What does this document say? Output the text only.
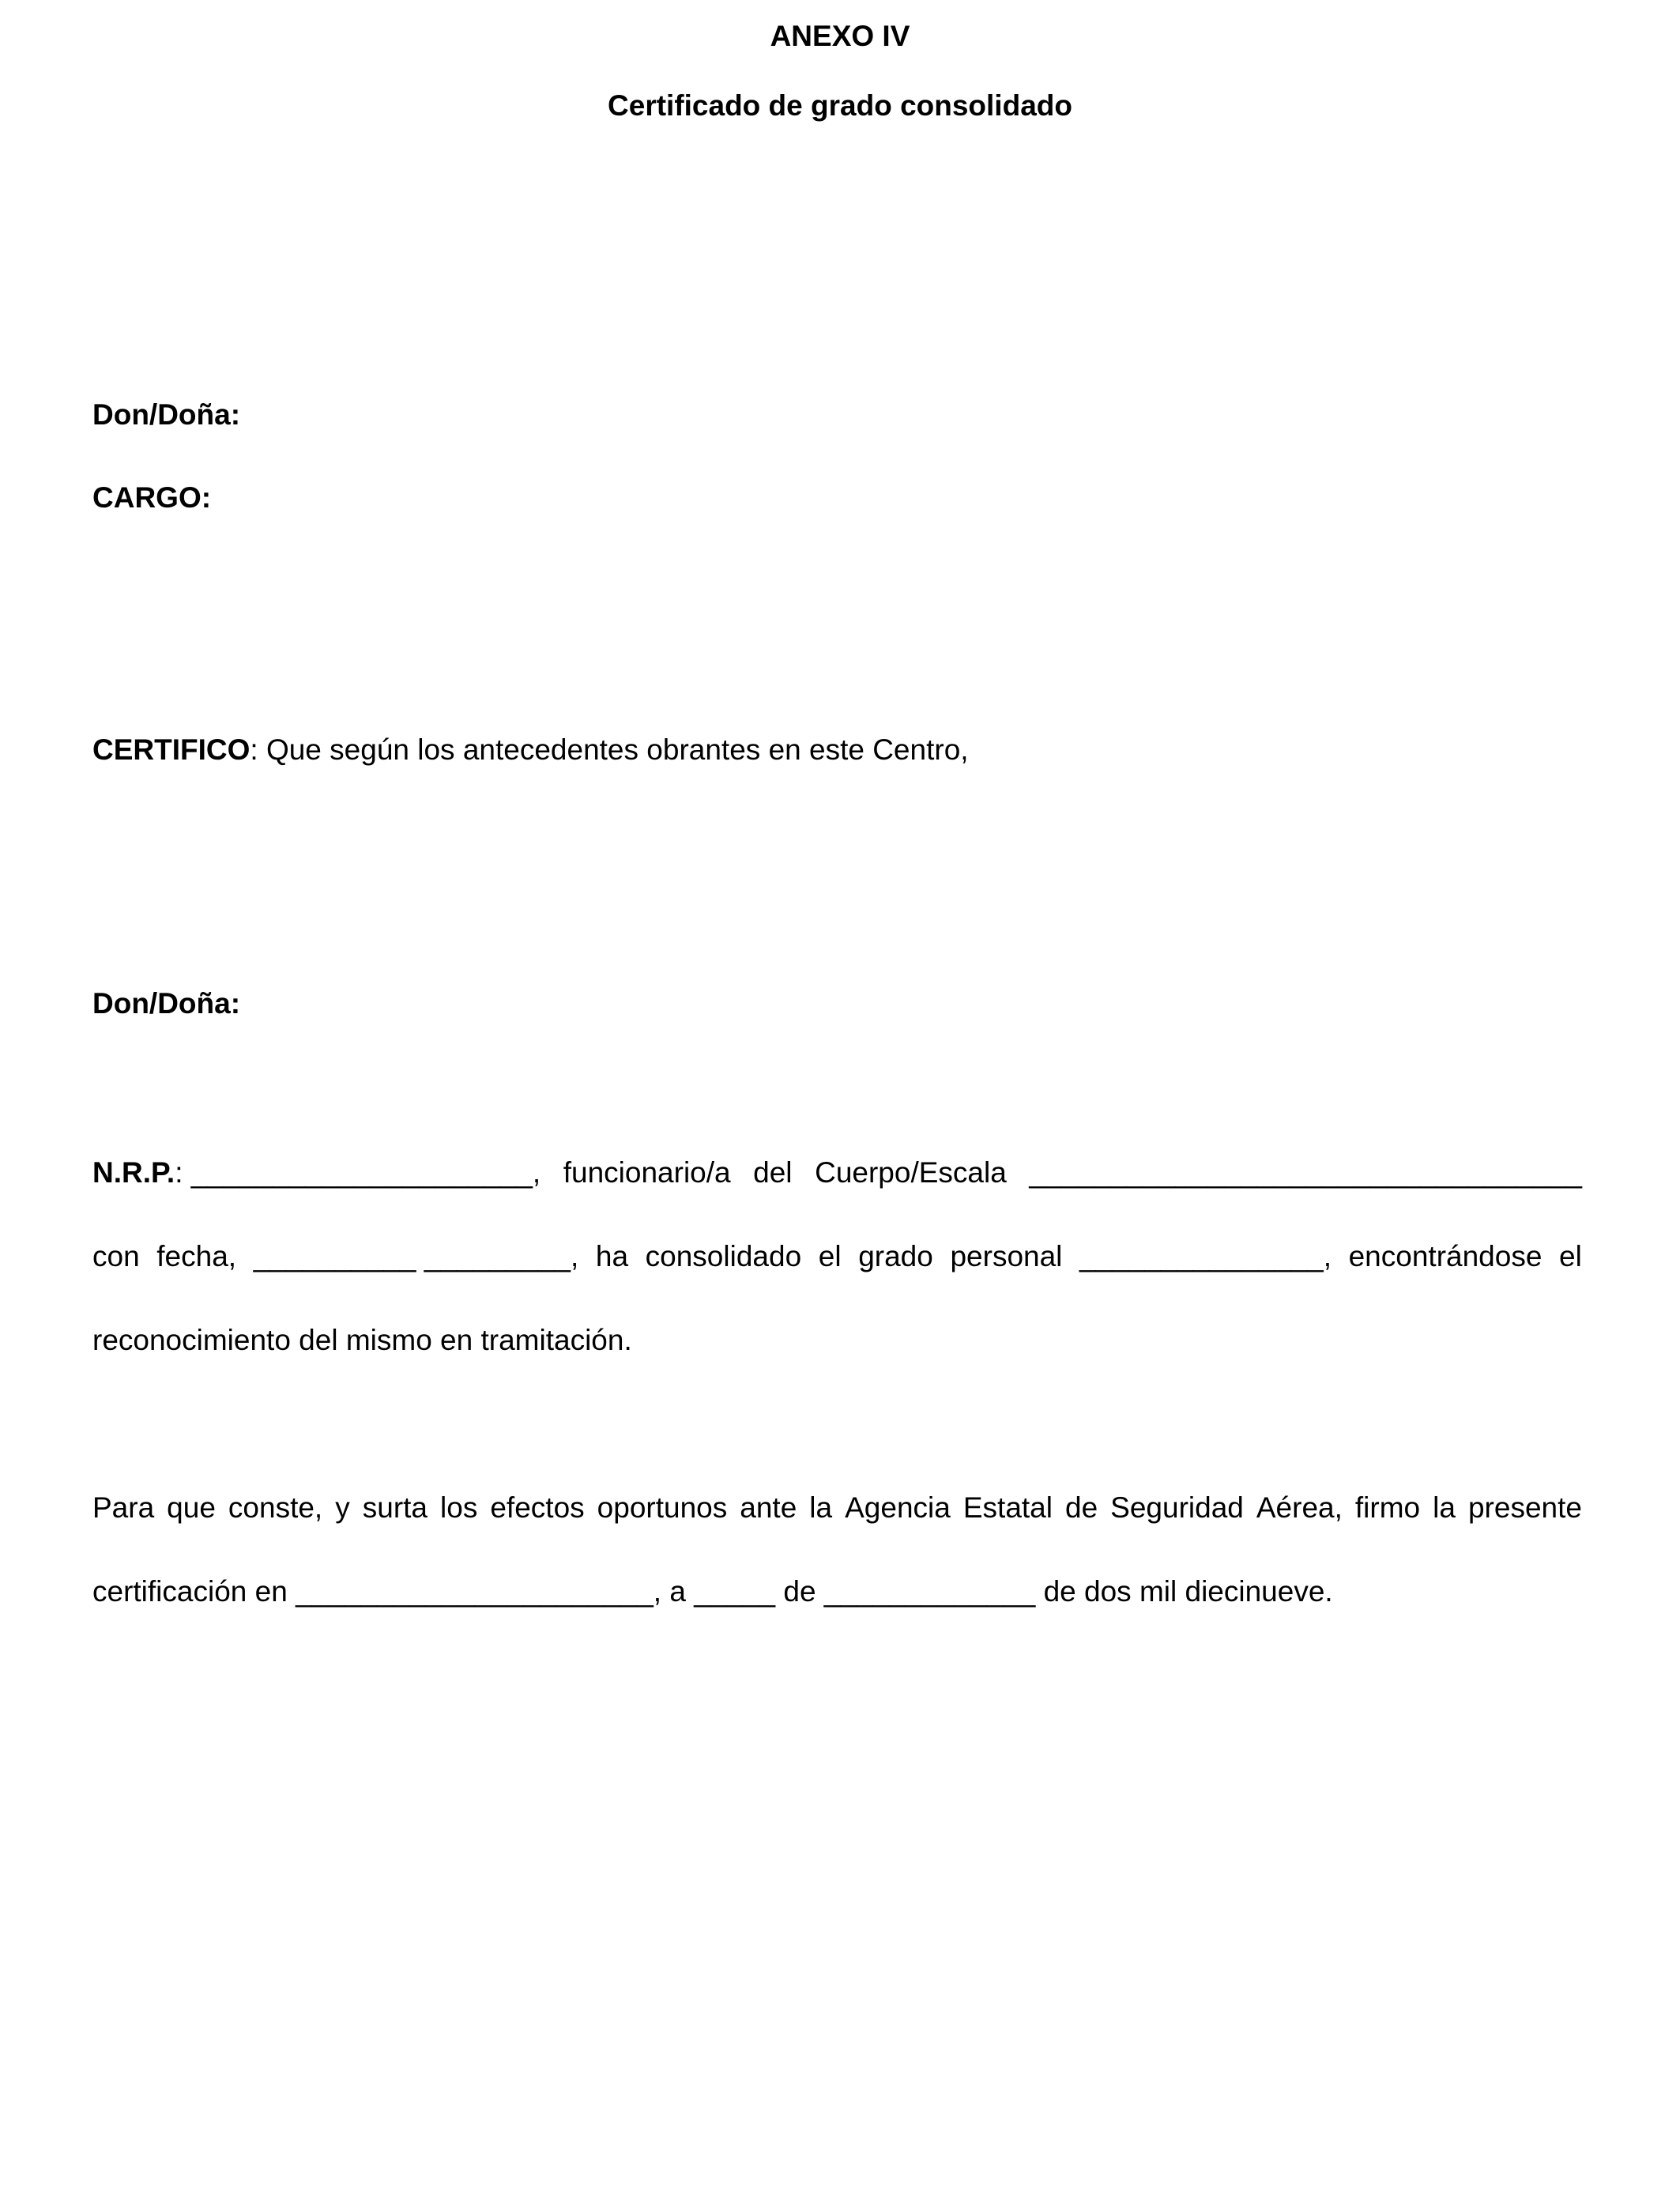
ANEXO IV
Certificado de grado consolidado
Don/Doña:
CARGO:
CERTIFICO: Que según los antecedentes obrantes en este Centro,
Don/Doña:
N.R.P.: _____________________, funcionario/a del Cuerpo/Escala __________________________________
con fecha, __________ _________, ha consolidado el grado personal _______________, encontrándose el
reconocimiento del mismo en tramitación.
Para que conste, y surta los efectos oportunos ante la Agencia Estatal de Seguridad Aérea, firmo la presente
certificación en ______________________, a _____ de _____________ de dos mil diecinueve.
